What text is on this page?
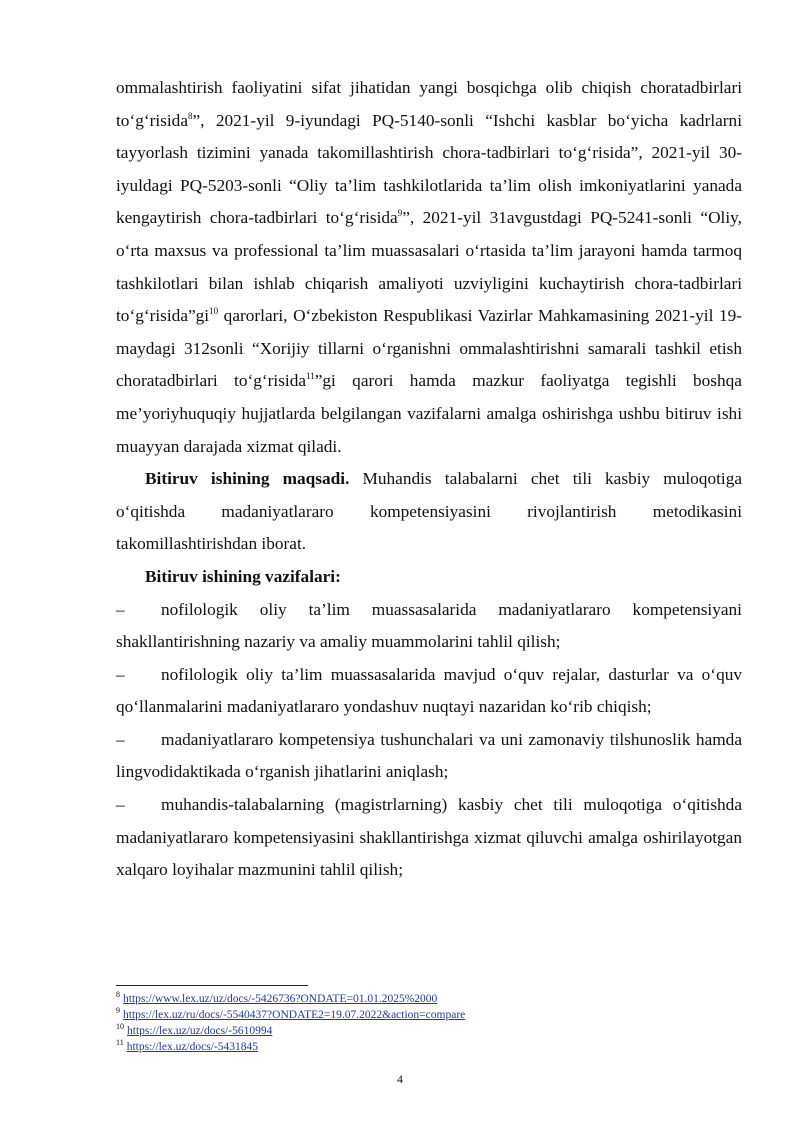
ommalashtirish faoliyatini sifat jihatidan yangi bosqichga olib chiqish choratadbirlari to‘g‘risida$^8$”, 2021-yil 9-iyundagi PQ-5140-sonli “Ishchi kasblar bo‘yicha kadrlarni tayyorlash tizimini yanada takomillashtirish chora-tadbirlari to‘g‘risida”, 2021-yil 30-iyuldagi PQ-5203-sonli “Oliy ta’lim tashkilotlarida ta’lim olish imkoniyatlarini yanada kengaytirish chora-tadbirlari to‘g‘risida$^9$”, 2021-yil 31avgustdagi PQ-5241-sonli “Oliy, o‘rta maxsus va professional ta’lim muassasalari o‘rtasida ta’lim jarayoni hamda tarmoq tashkilotlari bilan ishlab chiqarish amaliyoti uzviyligini kuchaytirish chora-tadbirlari $to‘g‘risida”gi^{10}$ qarorlari, O‘zbekiston Respublikasi Vazirlar Mahkamasining 2021-yil 19-maydagi 312sonli “Xorijiy tillarni o‘rganishni ommalashtirishni samarali tashkil etish choratadbirlari to‘g‘risida$^{11}$”gi qarori hamda mazkur faoliyatga tegishli boshqa me’yoriyhuquqiy hujjatlarda belgilangan vazifalarni amalga oshirishga ushbu bitiruv ishi muayyan darajada xizmat qiladi.

Bitiruv ishining maqsadi. Muhandis talabalarni chet tili kasbiy muloqotiga o‘qitishda madaniyatlararo kompetensiyasini rivojlantirish metodikasini takomillashtirishdan iborat.

Bitiruv ishining vazifalari:

– nofilologik oliy ta’lim muassasalarida madaniyatlararo kompetensiyani shakllantirishning nazariy va amaliy muammolarini tahlil qilish;

– nofilologik oliy ta’lim muassasalarida mavjud o‘quv rejalar, dasturlar va o‘quv qo‘llanmalarini madaniyatlararo yondashuv nuqtayi nazaridan ko‘rib chiqish;

– madaniyatlararo kompetensiya tushunchalari va uni zamonaviy tilshunoslik hamda lingvodidaktikada o‘rganish jihatlarini aniqlash;

– muhandis-talabalarning (magistrlarning) kasbiy chet tili muloqotiga o‘qitishda madaniyatlararo kompetensiyasini shakllantirishga xizmat qiluvchi amalga oshirilayotgan xalqaro loyihalar mazmunini tahlil qilish;

$^8$ https://www.lex.uz/uz/docs/-5426736?ONDATE=01.01.2025%2000

$^9$ https://lex.uz/ru/docs/-5540437?ONDATE2=19.07.2022&action=compare

$^{10}$ https://lex.uz/uz/docs/-5610994

$^{11}$ https://lex.uz/docs/-5431845

4
